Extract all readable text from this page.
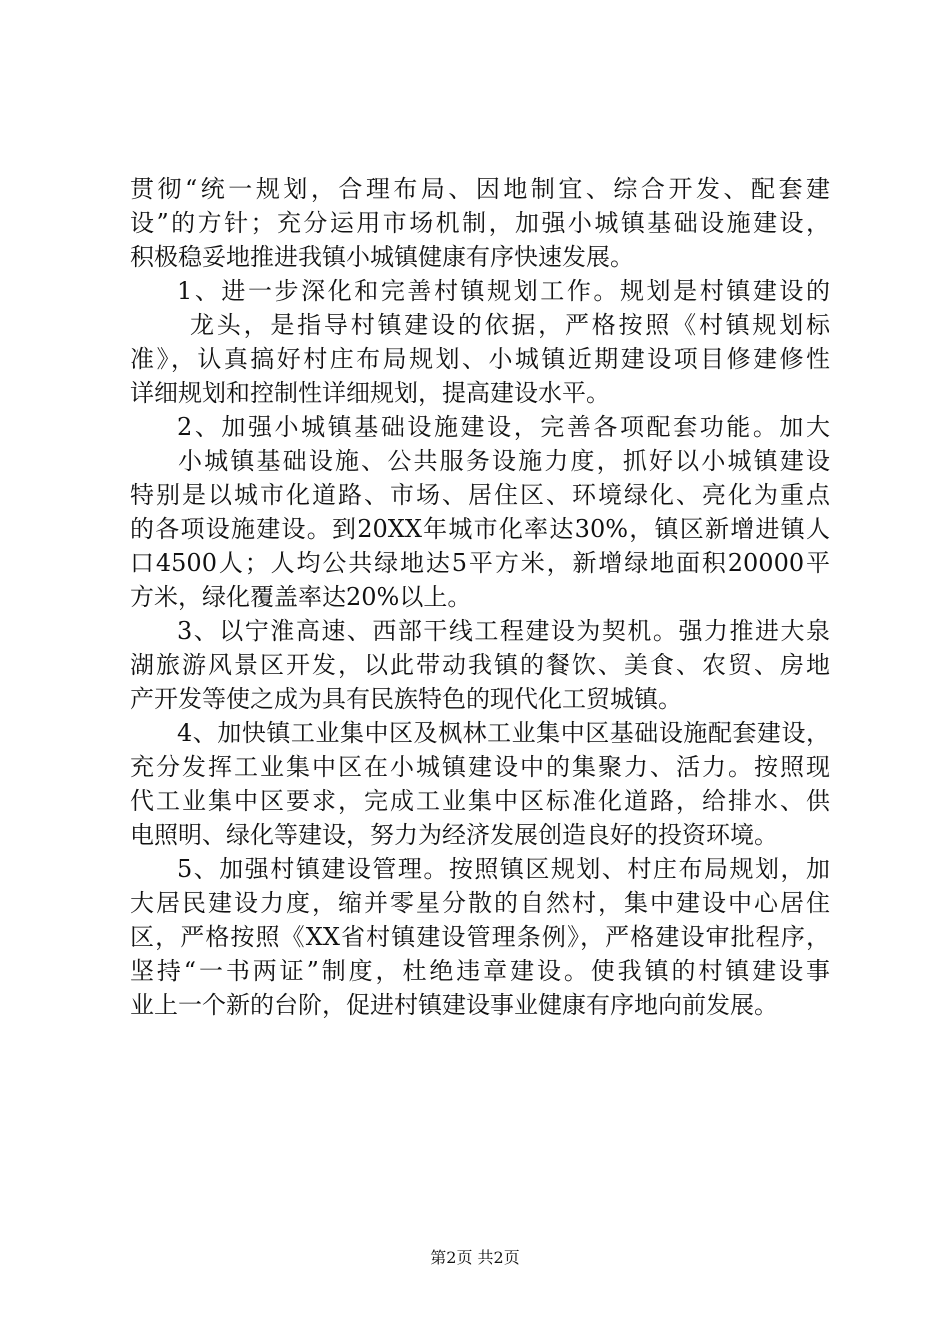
贯彻“统一规划，合理布局、因地制宜、综合开发、配套建
设”的方针；充分运用市场机制，加强小城镇基础设施建设，
积极稳妥地推进我镇小城镇健康有序快速发展。
1、进一步深化和完善村镇规划工作。规划是村镇建设的
龙头，是指导村镇建设的依据，严格按照《村镇规划标
准》，认真搞好村庄布局规划、小城镇近期建设项目修建修性
详细规划和控制性详细规划，提高建设水平。
2、加强小城镇基础设施建设，完善各项配套功能。加大
小城镇基础设施、公共服务设施力度，抓好以小城镇建设
特别是以城市化道路、市场、居住区、环境绿化、亮化为重点
的各项设施建设。到20XX年城市化率达30%，镇区新增进镇人
口4500人；人均公共绿地达5平方米，新增绿地面积20000平
方米，绿化覆盖率达20%以上。
3、以宁淮高速、西部干线工程建设为契机。强力推进大泉
湖旅游风景区开发，以此带动我镇的餐饮、美食、农贸、房地
产开发等使之成为具有民族特色的现代化工贸城镇。
4、加快镇工业集中区及枫林工业集中区基础设施配套建设，
充分发挥工业集中区在小城镇建设中的集聚力、活力。按照现
代工业集中区要求，完成工业集中区标准化道路，给排水、供
电照明、绿化等建设，努力为经济发展创造良好的投资环境。
5、加强村镇建设管理。按照镇区规划、村庄布局规划，加
大居民建设力度，缩并零星分散的自然村，集中建设中心居住
区，严格按照《XX省村镇建设管理条例》，严格建设审批程序，
坚持“一书两证”制度，杜绝违章建设。使我镇的村镇建设事
业上一个新的台阶，促进村镇建设事业健康有序地向前发展。
第2页 共2页
